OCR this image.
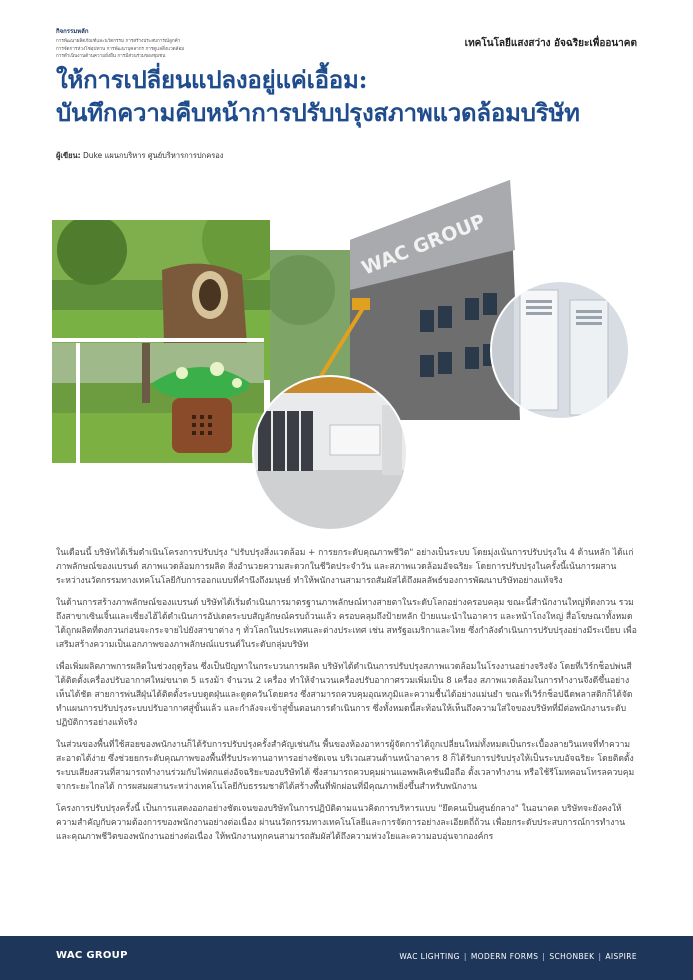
กิจกรรมหลัก
การพัฒนาผลิตภัณฑ์และนวัตกรรม การสร้างประสบการณ์ลูกค้า
การจัดการห่วงโซ่อุปทาน การพัฒนาบุคลากร การดูแลสิ่งแวดล้อม
การดำเนินงานด้านความยั่งยืน การมีส่วนร่วมของชุมชน
เทคโนโลยีแสงสว่าง อัจฉริยะเพื่ออนาคต
ให้การเปลี่ยนแปลงอยู่แค่เอื้อม:
บันทึกความคืบหน้าการปรับปรุงสภาพแวดล้อมบริษัท
ผู้เขียน: Duke แผนกบริหาร ศูนย์บริหารการปกครอง
WAC GROUP

ในเดือนนี้ บริษัทได้เริ่มดำเนินโครงการปรับปรุง "ปรับปรุงสิ่งแวดล้อม + การยกระดับคุณภาพชีวิต" อย่างเป็นระบบ โดยมุ่งเน้นการปรับปรุงใน 4 ด้านหลัก ได้แก่ ภาพลักษณ์ของแบรนด์ สภาพแวดล้อมการผลิต สิ่งอำนวยความสะดวกในชีวิตประจำวัน และสภาพแวดล้อมอัจฉริยะ โดยการปรับปรุงในครั้งนี้เน้นการผสานระหว่างนวัตกรรมทางเทคโนโลยีกับการออกแบบที่คำนึงถึงมนุษย์ ทำให้พนักงานสามารถสัมผัสได้ถึงผลลัพธ์ของการพัฒนาบริษัทอย่างแท้จริง

ในด้านการสร้างภาพลักษณ์ของแบรนด์ บริษัทได้เริ่มดำเนินการมาตรฐานภาพลักษณ์ทางสายตาในระดับโลกอย่างครอบคลุม ขณะนี้สำนักงานใหญ่ที่ดงกวน รวมถึงสาขาเซินเจิ้นและเซี่ยงไฮ้ได้ดำเนินการอัปเดตระบบสัญลักษณ์ครบถ้วนแล้ว ครอบคลุมถึงป้ายหลัก ป้ายแนะนำในอาคาร และหน้าโถงใหญ่ สื่อโฆษณาทั้งหมดได้ถูกผลิตที่ดงกวนก่อนจะกระจายไปยังสาขาต่าง ๆ ทั่วโลกในประเทศและต่างประเทศ เช่น สหรัฐอเมริกาและไทย ซึ่งกำลังดำเนินการปรับปรุงอย่างมีระเบียบ เพื่อเสริมสร้างความเป็นเอกภาพของภาพลักษณ์แบรนด์ในระดับกลุ่มบริษัท

เพื่อเพิ่มผลิตภาพการผลิตในช่วงฤดูร้อน ซึ่งเป็นปัญหาในกระบวนการผลิต บริษัทได้ดำเนินการปรับปรุงสภาพแวดล้อมในโรงงานอย่างจริงจัง โดยที่เวิร์กช็อปพ่นสีได้ติดตั้งเครื่องปรับอากาศใหม่ขนาด 5 แรงม้า จำนวน 2 เครื่อง ทำให้จำนวนเครื่องปรับอากาศรวมเพิ่มเป็น 8 เครื่อง สภาพแวดล้อมในการทำงานจึงดีขึ้นอย่างเห็นได้ชัด สายการพ่นสีฝุ่นได้ติดตั้งระบบดูดฝุ่นและดูดควันโดยตรง ซึ่งสามารถควบคุมอุณหภูมิและความชื้นได้อย่างแม่นยำ ขณะที่เวิร์กช็อปฉีดพลาสติกก็ได้จัดทำแผนการปรับปรุงระบบปรับอากาศสู่ขั้นแล้ว และกำลังจะเข้าสู่ขั้นตอนการดำเนินการ ซึ่งทั้งหมดนี้สะท้อนให้เห็นถึงความใส่ใจของบริษัทที่มีต่อพนักงานระดับปฏิบัติการอย่างแท้จริง

ในส่วนของพื้นที่ใช้สอยของพนักงานก็ได้รับการปรับปรุงครั้งสำคัญเช่นกัน พื้นของห้องอาหารผู้จัดการได้ถูกเปลี่ยนใหม่ทั้งหมดเป็นกระเบื้องลายวินเทจที่ทำความสะอาดได้ง่าย ซึ่งช่วยยกระดับคุณภาพของพื้นที่รับประทานอาหารอย่างชัดเจน บริเวณสวนด้านหน้าอาคาร 8 ก็ได้รับการปรับปรุงให้เป็นระบบอัจฉริยะ โดยติดตั้งระบบเสียงสวนที่สามารถทำงานร่วมกับไฟตกแต่งอัจฉริยะของบริษัทได้ ซึ่งสามารถควบคุมผ่านแอพพลิเคชันมือถือ ตั้งเวลาทำงาน หรือใช้รีโมทคอนโทรลควบคุมจากระยะไกลได้ การผสมผสานระหว่างเทคโนโลยีกับธรรมชาติได้สร้างพื้นที่พักผ่อนที่มีคุณภาพยิ่งขึ้นสำหรับพนักงาน

โครงการปรับปรุงครั้งนี้ เป็นการแสดงออกอย่างชัดเจนของบริษัทในการปฏิบัติตามแนวคิดการบริหารแบบ "ยึดคนเป็นศูนย์กลาง" ในอนาคต บริษัทจะยังคงให้ความสำคัญกับความต้องการของพนักงานอย่างต่อเนื่อง ผ่านนวัตกรรมทางเทคโนโลยีและการจัดการอย่างละเอียดถี่ถ้วน เพื่อยกระดับประสบการณ์การทำงานและคุณภาพชีวิตของพนักงานอย่างต่อเนื่อง ให้พนักงานทุกคนสามารถสัมผัสได้ถึงความห่วงใยและความอบอุ่นจากองค์กร

WAC GROUP	WAC LIGHTING | MODERN FORMS | SCHONBEK | AISPIRE
